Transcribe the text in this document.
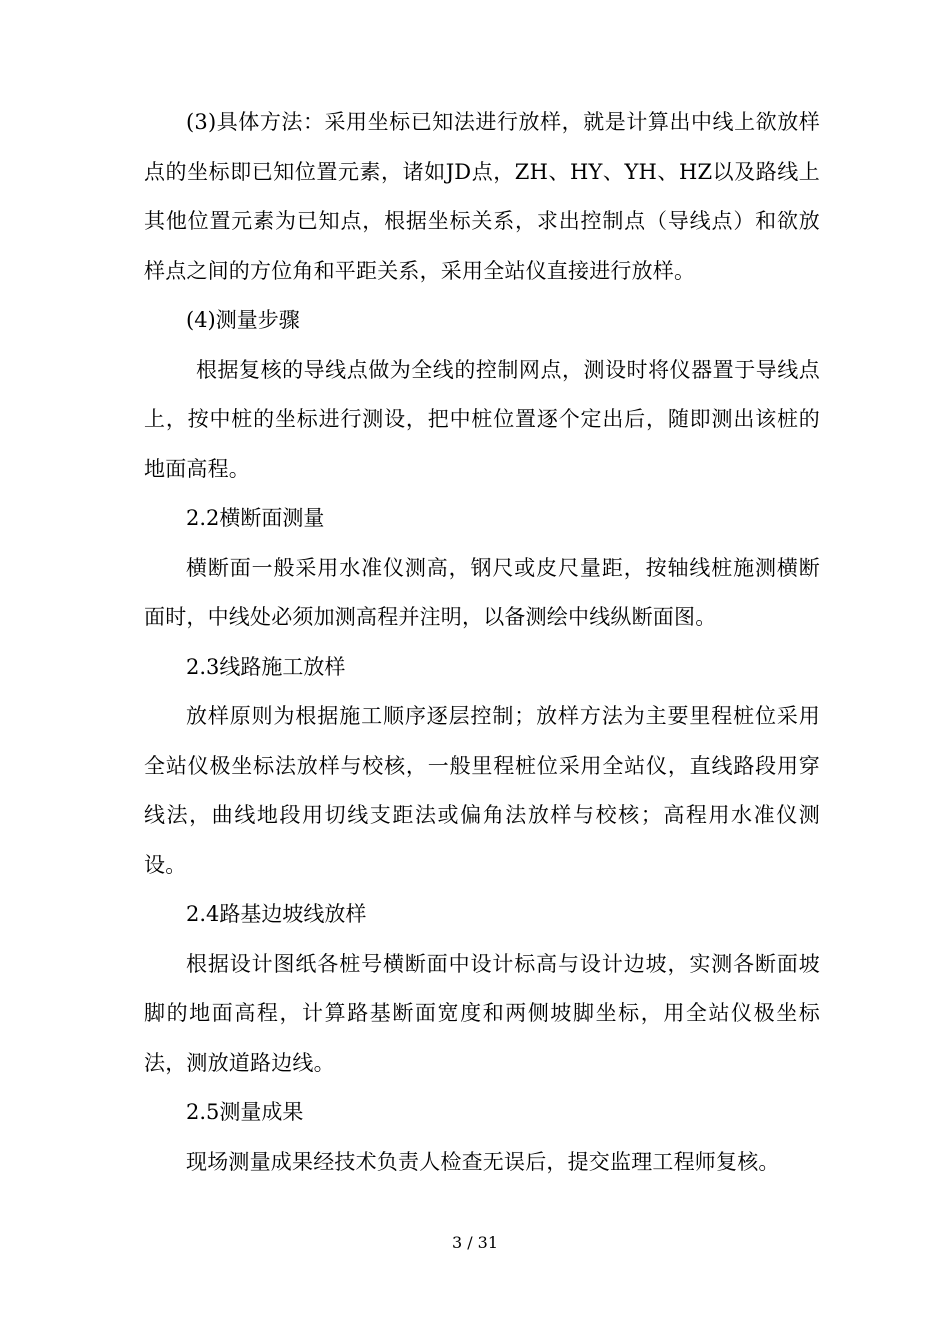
(3)具体方法：采用坐标已知法进行放样，就是计算出中线上欲放样点的坐标即已知位置元素，诸如JD点，ZH、HY、YH、HZ以及路线上其他位置元素为已知点，根据坐标关系，求出控制点（导线点）和欲放样点之间的方位角和平距关系，采用全站仪直接进行放样。

(4)测量步骤

根据复核的导线点做为全线的控制网点，测设时将仪器置于导线点上，按中桩的坐标进行测设，把中桩位置逐个定出后，随即测出该桩的地面高程。

2.2横断面测量

横断面一般采用水准仪测高，钢尺或皮尺量距，按轴线桩施测横断面时，中线处必须加测高程并注明，以备测绘中线纵断面图。

2.3线路施工放样

放样原则为根据施工顺序逐层控制；放样方法为主要里程桩位采用全站仪极坐标法放样与校核，一般里程桩位采用全站仪，直线路段用穿线法，曲线地段用切线支距法或偏角法放样与校核；高程用水准仪测设。

2.4路基边坡线放样

根据设计图纸各桩号横断面中设计标高与设计边坡，实测各断面坡脚的地面高程，计算路基断面宽度和两侧坡脚坐标，用全站仪极坐标法，测放道路边线。

2.5测量成果

现场测量成果经技术负责人检查无误后，提交监理工程师复核。

3 / 31
